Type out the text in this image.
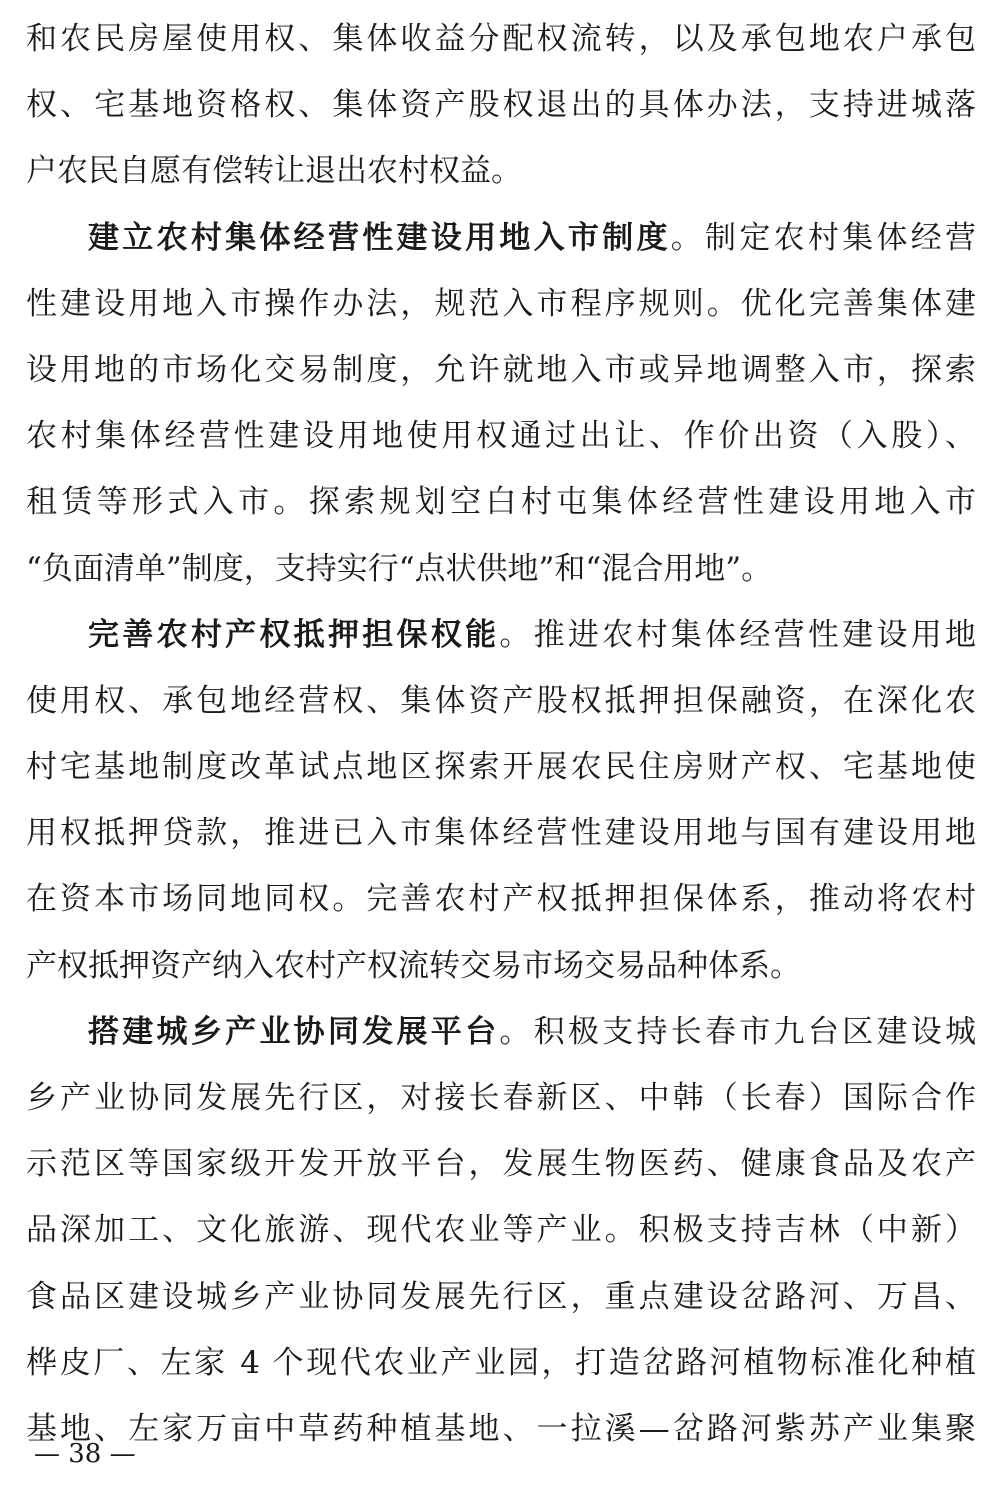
和农民房屋使用权、集体收益分配权流转，以及承包地农户承包
权、宅基地资格权、集体资产股权退出的具体办法，支持进城落
户农民自愿有偿转让退出农村权益。
建立农村集体经营性建设用地入市制度。制定农村集体经营
性建设用地入市操作办法，规范入市程序规则。优化完善集体建
设用地的市场化交易制度，允许就地入市或异地调整入市，探索
农村集体经营性建设用地使用权通过出让、作价出资（入股）、
租赁等形式入市。探索规划空白村屯集体经营性建设用地入市
“负面清单”制度，支持实行“点状供地”和“混合用地”。
完善农村产权抵押担保权能。推进农村集体经营性建设用地
使用权、承包地经营权、集体资产股权抵押担保融资，在深化农
村宅基地制度改革试点地区探索开展农民住房财产权、宅基地使
用权抵押贷款，推进已入市集体经营性建设用地与国有建设用地
在资本市场同地同权。完善农村产权抵押担保体系，推动将农村
产权抵押资产纳入农村产权流转交易市场交易品种体系。
搭建城乡产业协同发展平台。积极支持长春市九台区建设城
乡产业协同发展先行区，对接长春新区、中韩（长春）国际合作
示范区等国家级开发开放平台，发展生物医药、健康食品及农产
品深加工、文化旅游、现代农业等产业。积极支持吉林（中新）
食品区建设城乡产业协同发展先行区，重点建设岔路河、万昌、
桦皮厂、左家 4 个现代农业产业园，打造岔路河植物标准化种植
基地、左家万亩中草药种植基地、一拉溪—岔路河紫苏产业集聚
— 38 —
